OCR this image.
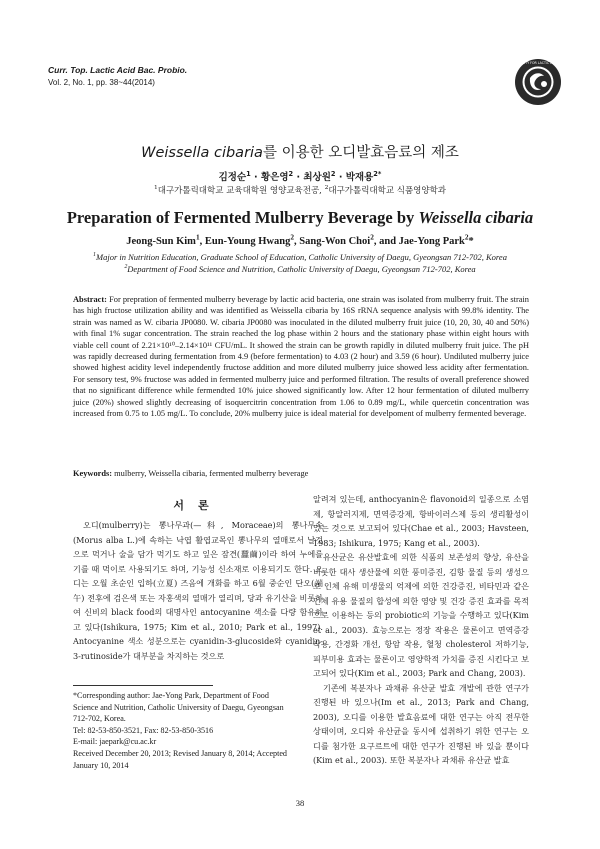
Curr. Top. Lactic Acid Bac. Probio.
Vol. 2, No. 1, pp. 38~44(2014)
KOREAN SOCIETY FOR LACTIC ACID BACTERIA
Weissella cibaria를 이용한 오디발효음료의 제조
김정순$^1$ · 황은영$^2$ · 최상원$^2$ · 박재용$^{2*}$
$^1$대구가톨릭대학교 교육대학원 영양교육전공, $^2$대구가톨릭대학교 식품영양학과
Preparation of Fermented Mulberry Beverage by Weissella cibaria
Jeong-Sun Kim$^1$, Eun-Young Hwang$^2$, Sang-Won Choi$^2$, and Jae-Yong Park$^2$*
$^1$Major in Nutrition Education, Graduate School of Education, Catholic University of Daegu, Gyeongsan 712-702, Korea
$^2$Department of Food Science and Nutrition, Catholic University of Daegu, Gyeongsan 712-702, Korea
Abstract: For prepration of fermented mulberry beverage by lactic acid bacteria, one strain was isolated from mulberry fruit. The strain has high fructose utilization ability and was identified as Weissella cibaria by 16S rRNA sequence analysis with 99.8% identity. The strain was named as W. cibaria JP0080. W. cibaria JP0080 was inoculated in the diluted mulberry fruit juice (10, 20, 30, 40 and 50%) with final 1% sugar concentration. The strain reached the log phase within 2 hours and the stationary phase within eight hours with viable cell count of 2.21×10¹⁰–2.14×10¹¹ CFU/mL. It showed the strain can be growth rapidly in diluted mulberry fruit juice. The pH was rapidly decreased during fermentation from 4.9 (before fermentation) to 4.03 (2 hour) and 3.59 (6 hour). Undiluted mulberry juice showed highest acidity level independently fructose addition and more diluted mulberry juice showed less acidity after fermentation. For sensory test, 9% fructose was added in fermented mulberry juice and performed filtration. The results of overall preference showed that no significant difference while fermendted 10% juice showed significantly low. After 12 hour fermentation of diluted mulberry juice (20%) showed slightly decreasing of isoquercitrin concentration from 1.06 to 0.89 mg/L, while quercetin concentration was increased from 0.75 to 1.05 mg/L. To conclude, 20% mulberry juice is ideal material for develpoment of mulberry fermented beverage.
Keywords: mulberry, Weissella cibaria, fermented mulberry beverage
서론

오디(mulberry)는 뽕나무과(—科, Moraceae)의 뽕나무속(Morus alba L.)에 속하는 낙엽 활엽교목인 뽕나무의 열매로서 날것으로 먹거나 술을 담가 먹기도 하고 잎은 잠견(蠶繭)이라 하여 누에를 기를 때 먹이로 사용되기도 하며, 기능성 신소재로 이용되기도 한다. 오디는 오월 초순인 입하(立夏) 즈음에 개화를 하고 6월 중순인 단오(端午) 전후에 검은색 또는 자홍색의 열매가 열리며, 당과 유기산을 비롯하여 신비의 black food의 대명사인 antocyanine 색소를 다량 함유하고 있다(Ishikura, 1975; Kim et al., 2010; Park et al., 1997). Antocyanine 색소 성분으로는 cyanidin-3-glucoside와 cyanidin-3-rutinoside가 대부분을 차지하는 것으로

알려져 있는데, anthocyanin은 flavonoid의 일종으로 소염제, 항알러지제, 면역증강제, 항바이러스제 등의 생리활성이 있는 것으로 보고되어 있다(Chae et al., 2003; Havsteen, 1983; Ishikura, 1975; Kang et al., 2003).

유산균은 유산발효에 의한 식품의 보존성의 향상, 유산을 비롯한 대사 생산물에 의한 풍미증진, 김항 물질 등의 생성으로 인체 유해 미생물의 억제에 의한 건강증진, 비타민과 같은 인체 유용 물질의 합성에 의한 영양 및 건강 증진 효과를 목적으로 이용하는 등의 probiotic의 기능을 수행하고 있다(Kim et al., 2003). 효능으로는 정장 작용은 물론이고 면역증강 작용, 간경화 개선, 항암 작용, 혈청 cholesterol 저하기능, 피부미용 효과는 물론이고 영양학적 가치를 증진 시킨다고 보고되어 있다(Kim et al., 2003; Park and Chang, 2003).

기존에 복분자나 과채류 유산균 발효 개발에 관한 연구가 진행된 바 있으나(Im et al., 2013; Park and Chang, 2003), 오디를 이용한 발효음료에 대한 연구는 아직 전무한 상태이며, 오디와 유산균을 동시에 섭취하기 위한 연구는 오디를 첨가한 요구르트에 대한 연구가 진행된 바 있을 뿐이다(Kim et al., 2003). 또한 복분자나 과채류 유산균 발효

*Corresponding author: Jae-Yong Park, Department of Food Science and Nutrition, Catholic University of Daegu, Gyeongsan 712-702, Korea.
Tel: 82-53-850-3521, Fax: 82-53-850-3516
E-mail: jaepark@cu.ac.kr
Received December 20, 2013; Revised January 8, 2014; Accepted January 10, 2014
38
